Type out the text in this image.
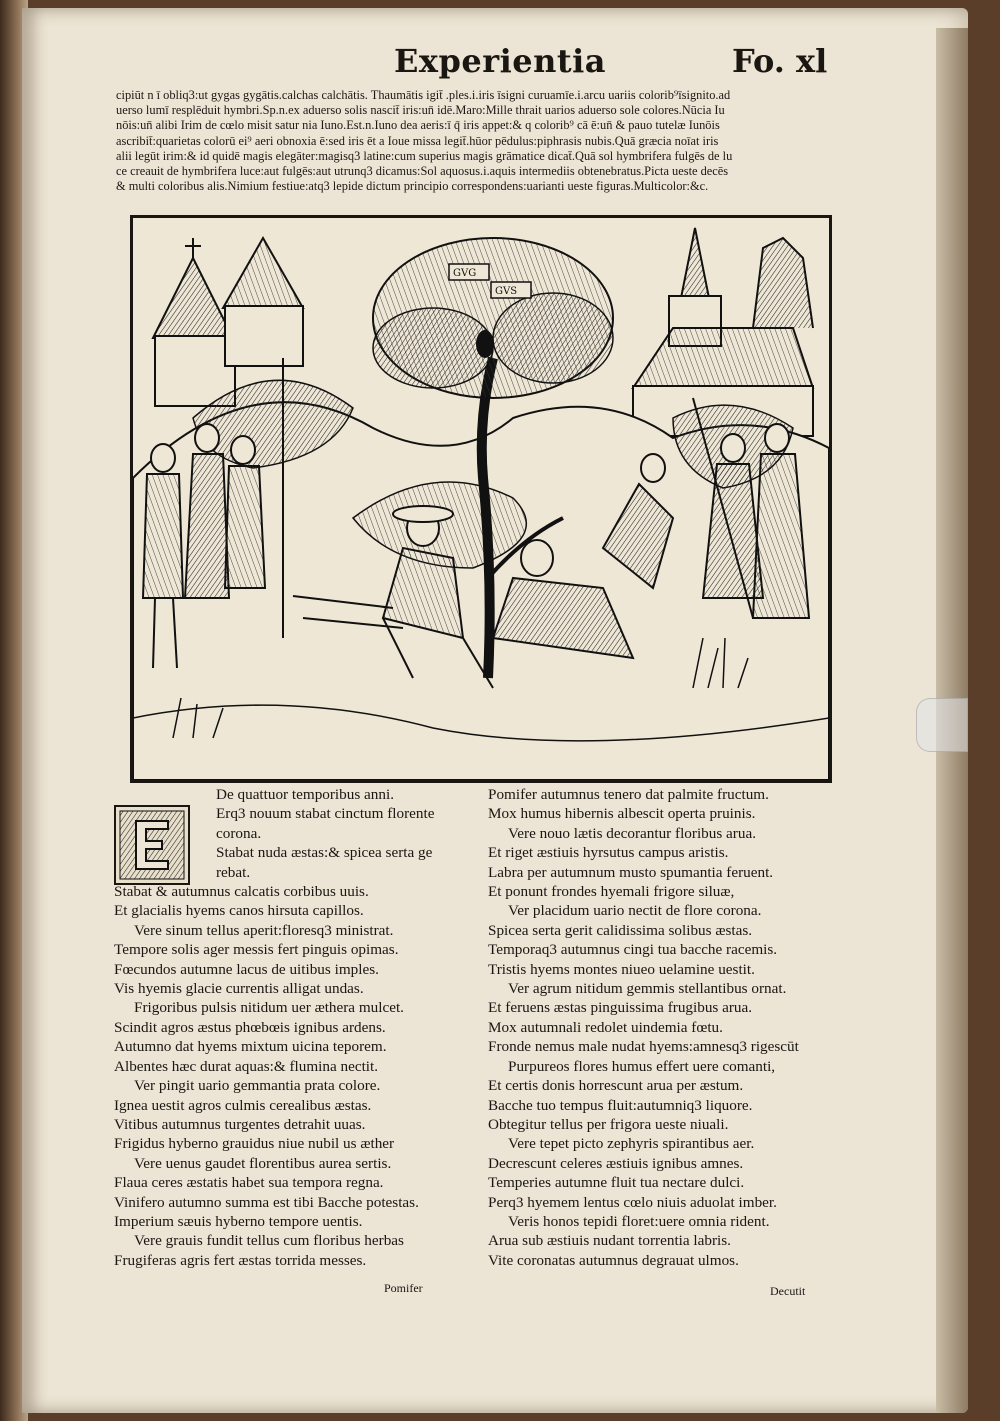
Experientia	Fo. xl
cipiūt n ī obliq3:ut gygas gygātis.calchas calchātis. Thaumātis igit̄ .ples.i.iris īsigni curuamīe.i.arcu uariis colorib⁹īsignito.ad
uerso lumī resplēduit hymbri.Sp.n.ex aduerso solis nascit̄ iris:un̄ idē.Maro:Mille thrait uarios aduerso sole colores.Nūcia Iu
nōis:un̄ alibi Irim de cœlo misit satur nia Iuno.Est.n.Iuno dea aeris:ī q̄ iris appet:& q colorib⁹ cā ē:un̄ & pauo tutelæ Iunōis
ascribit̄:quarietas colorū ei⁹ aeri obnoxia ē:sed iris ēt a Ioue missa legit̄.hūor pēdulus:piphrasis nubis.Quā græcia noīat iris
alii legūt irim:& id quidē magis elegāter:magisq3 latine:cum superius magis grāmatice dicat̄.Quā sol hymbrifera fulgēs de lu
ce creauit de hymbrifera luce:aut fulgēs:aut utrunq3 dicamus:Sol aquosus.i.aquis intermediis obtenebratus.Picta ueste decēs
& multi coloribus alis.Nimium festiue:atq3 lepide dictum principio correspondens:uarianti ueste figuras.Multicolor:&c.
GVG
GVS
De quattuor temporibus anni.
Erq3 nouum stabat cinctum florente
corona.
Stabat nuda æstas:& spicea serta ge
rebat.
Stabat & autumnus calcatis corbibus uuis.
Et glacialis hyems canos hirsuta capillos.
Vere sinum tellus aperit:floresq3 ministrat.
Tempore solis ager messis fert pinguis opimas.
Fœcundos autumne lacus de uitibus imples.
Vis hyemis glacie currentis alligat undas.
Frigoribus pulsis nitidum uer æthera mulcet.
Scindit agros æstus phœbœis ignibus ardens.
Autumno dat hyems mixtum uicina teporem.
Albentes hæc durat aquas:& flumina nectit.
Ver pingit uario gemmantia prata colore.
Ignea uestit agros culmis cerealibus æstas.
Vitibus autumnus turgentes detrahit uuas.
Frigidus hyberno grauidus niue nubil us æther
Vere uenus gaudet florentibus aurea sertis.
Flaua ceres æstatis habet sua tempora regna.
Vinifero autumno summa est tibi Bacche potestas.
Imperium sæuis hyberno tempore uentis.
Vere grauis fundit tellus cum floribus herbas
Frugiferas agris fert æstas torrida messes.
Pomifer autumnus tenero dat palmite fructum.
Mox humus hibernis albescit operta pruinis.
Vere nouo lætis decorantur floribus arua.
Et riget æstiuis hyrsutus campus aristis.
Labra per autumnum musto spumantia feruent.
Et ponunt frondes hyemali frigore siluæ,
Ver placidum uario nectit de flore corona.
Spicea serta gerit calidissima solibus æstas.
Temporaq3 autumnus cingi tua bacche racemis.
Tristis hyems montes niueo uelamine uestit.
Ver agrum nitidum gemmis stellantibus ornat.
Et feruens æstas pinguissima frugibus arua.
Mox autumnali redolet uindemia fœtu.
Fronde nemus male nudat hyems:amnesq3 rigescūt
Purpureos flores humus effert uere comanti,
Et certis donis horrescunt arua per æstum.
Bacche tuo tempus fluit:autumniq3 liquore.
Obtegitur tellus per frigora ueste niuali.
Vere tepet picto zephyris spirantibus aer.
Decrescunt celeres æstiuis ignibus amnes.
Temperies autumne fluit tua nectare dulci.
Perq3 hyemem lentus cœlo niuis aduolat imber.
Veris honos tepidi floret:uere omnia rident.
Arua sub æstiuis nudant torrentia labris.
Vite coronatas autumnus degrauat ulmos.
Pomifer	Decutit
